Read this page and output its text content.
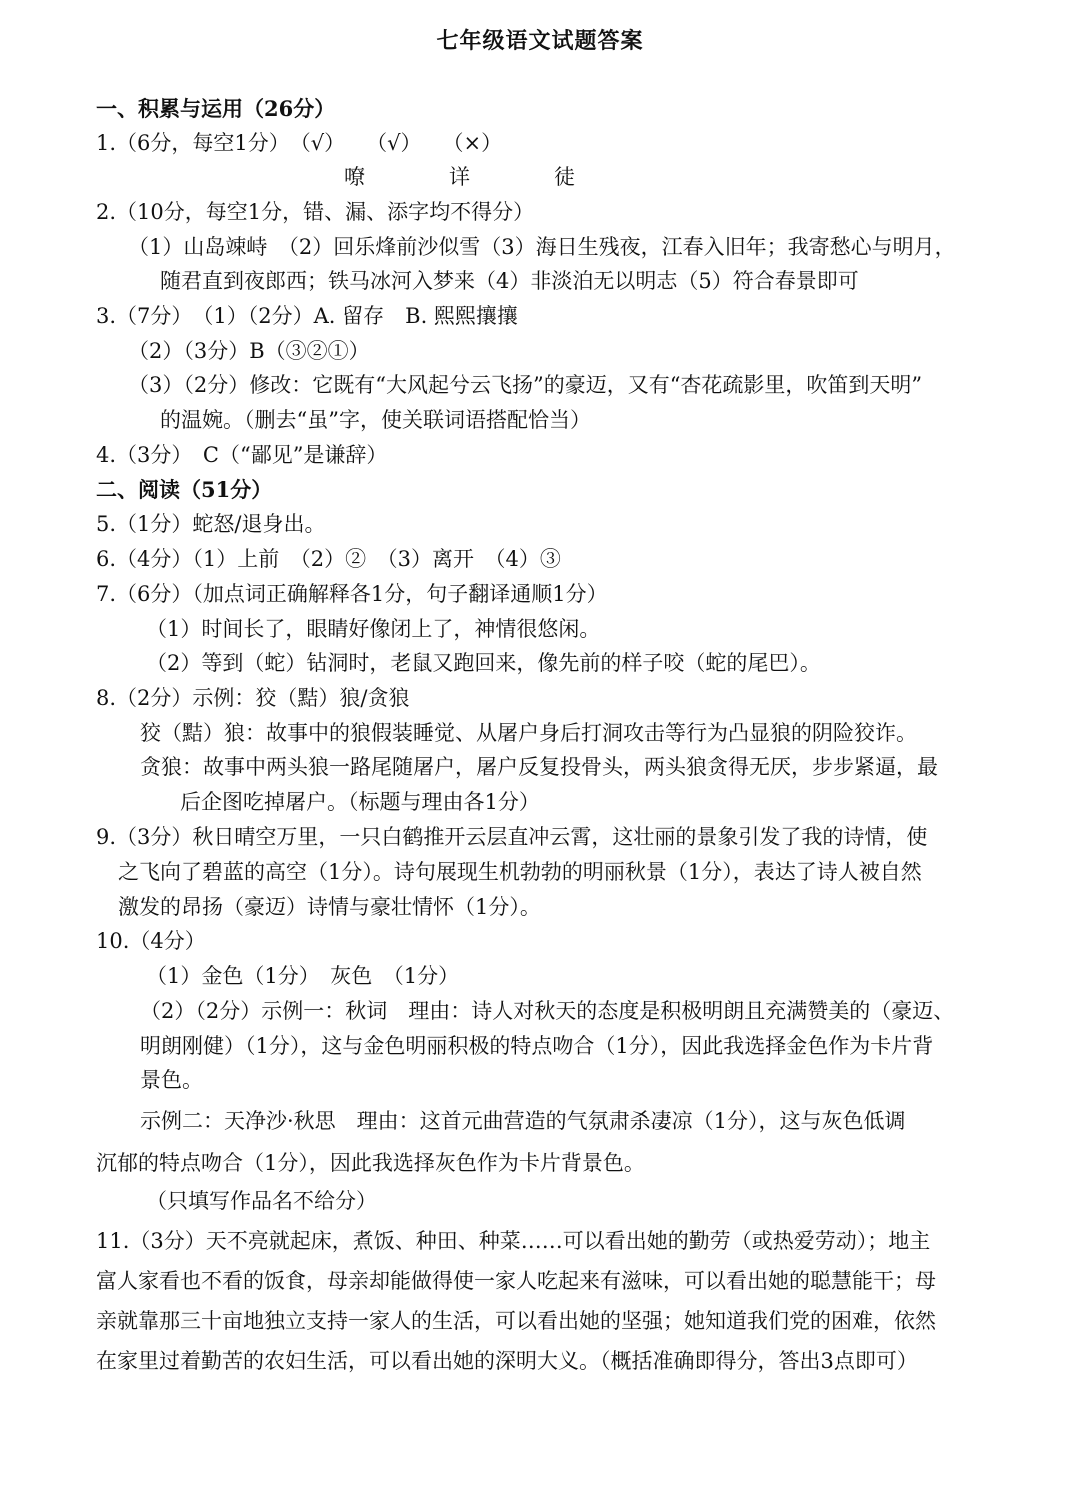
七年级语文试题答案
一、积累与运用（26分）
1.（6分，每空1分）　（√）　　（√）　　（×）
嘹　　　　详　　　　徒
2.（10分，每空1分，错、漏、添字均不得分）
（1）山岛竦峙　（2）回乐烽前沙似雪（3）海日生残夜，江春入旧年；我寄愁心与明月，
随君直到夜郎西；铁马冰河入梦来（4）非淡泊无以明志（5）符合春景即可
3.（7分）　（1）（2分）A. 留存　B. 熙熙攘攘
（2）（3分）B（③②①）
（3）（2分）修改：它既有“大风起兮云飞扬”的豪迈，又有“杏花疏影里，吹笛到天明”
的温婉。（删去“虽”字，使关联词语搭配恰当）
4.（3分）　C（“鄙见”是谦辞）
二、阅读（51分）
5.（1分）蛇怒/退身出。
6.（4分）（1）上前　（2）②　（3）离开　（4）③
7.（6分）（加点词正确解释各1分，句子翻译通顺1分）
（1）时间长了，眼睛好像闭上了，神情很悠闲。
（2）等到（蛇）钻洞时，老鼠又跑回来，像先前的样子咬（蛇的尾巴）。
8.（2分）示例：狡（黠）狼/贪狼
狡（黠）狼：故事中的狼假装睡觉、从屠户身后打洞攻击等行为凸显狼的阴险狡诈。
贪狼：故事中两头狼一路尾随屠户，屠户反复投骨头，两头狼贪得无厌，步步紧逼，最
后企图吃掉屠户。（标题与理由各1分）
9.（3分）秋日晴空万里，一只白鹤推开云层直冲云霄，这壮丽的景象引发了我的诗情，使
之飞向了碧蓝的高空（1分）。诗句展现生机勃勃的明丽秋景（1分），表达了诗人被自然
激发的昂扬（豪迈）诗情与豪壮情怀（1分）。
10.（4分）
（1）金色（1分）　灰色　（1分）
（2）（2分）示例一：秋词　理由：诗人对秋天的态度是积极明朗且充满赞美的（豪迈、
明朗刚健）（1分），这与金色明丽积极的特点吻合（1分），因此我选择金色作为卡片背
景色。
示例二：天净沙·秋思　理由：这首元曲营造的气氛肃杀凄凉（1分），这与灰色低调
沉郁的特点吻合（1分），因此我选择灰色作为卡片背景色。
（只填写作品名不给分）
11.（3分）天不亮就起床，煮饭、种田、种菜……可以看出她的勤劳（或热爱劳动）；地主
富人家看也不看的饭食，母亲却能做得使一家人吃起来有滋味，可以看出她的聪慧能干；母
亲就靠那三十亩地独立支持一家人的生活，可以看出她的坚强；她知道我们党的困难，依然
在家里过着勤苦的农妇生活，可以看出她的深明大义。（概括准确即得分，答出3点即可）
